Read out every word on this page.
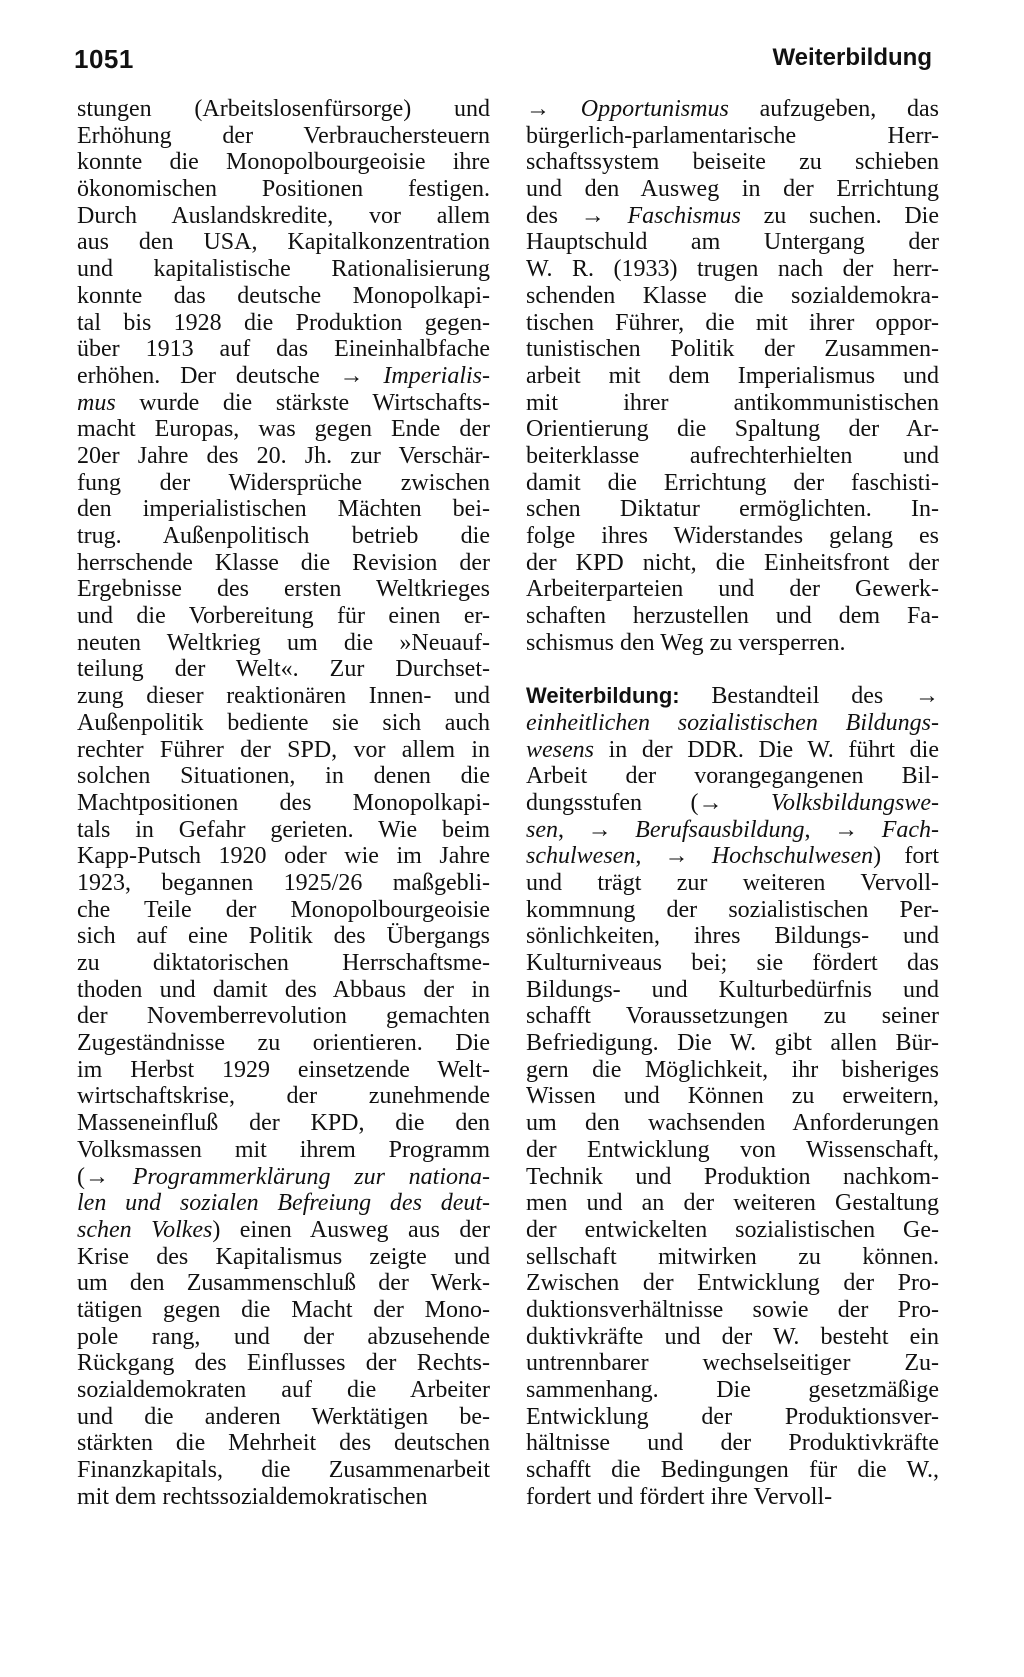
1051	Weiterbildung
stungen (Arbeitslosenfürsorge) und
Erhöhung der Verbrauchersteuern
konnte die Monopolbourgeoisie ihre
ökonomischen Positionen festigen.
Durch Auslandskredite, vor allem
aus den USA, Kapitalkonzentration
und kapitalistische Rationalisierung
konnte das deutsche Monopolkapi-
tal bis 1928 die Produktion gegen-
über 1913 auf das Eineinhalbfache
erhöhen. Der deutsche → Imperialis-
mus wurde die stärkste Wirtschafts-
macht Europas, was gegen Ende der
20er Jahre des 20. Jh. zur Verschär-
fung der Widersprüche zwischen
den imperialistischen Mächten bei-
trug. Außenpolitisch betrieb die
herrschende Klasse die Revision der
Ergebnisse des ersten Weltkrieges
und die Vorbereitung für einen er-
neuten Weltkrieg um die »Neuauf-
teilung der Welt«. Zur Durchset-
zung dieser reaktionären Innen- und
Außenpolitik bediente sie sich auch
rechter Führer der SPD, vor allem in
solchen Situationen, in denen die
Machtpositionen des Monopolkapi-
tals in Gefahr gerieten. Wie beim
Kapp-Putsch 1920 oder wie im Jahre
1923, begannen 1925/26 maßgebli-
che Teile der Monopolbourgeoisie
sich auf eine Politik des Übergangs
zu diktatorischen Herrschaftsme-
thoden und damit des Abbaus der in
der Novemberrevolution gemachten
Zugeständnisse zu orientieren. Die
im Herbst 1929 einsetzende Welt-
wirtschaftskrise, der zunehmende
Masseneinfluß der KPD, die den
Volksmassen mit ihrem Programm
(→ Programmerklärung zur nationa-
len und sozialen Befreiung des deut-
schen Volkes) einen Ausweg aus der
Krise des Kapitalismus zeigte und
um den Zusammenschluß der Werk-
tätigen gegen die Macht der Mono-
pole rang, und der abzusehende
Rückgang des Einflusses der Rechts-
sozialdemokraten auf die Arbeiter
und die anderen Werktätigen be-
stärkten die Mehrheit des deutschen
Finanzkapitals, die Zusammenarbeit
mit dem rechtssozialdemokratischen
→ Opportunismus aufzugeben, das
bürgerlich-parlamentarische Herr-
schaftssystem beiseite zu schieben
und den Ausweg in der Errichtung
des → Faschismus zu suchen. Die
Hauptschuld am Untergang der
W. R. (1933) trugen nach der herr-
schenden Klasse die sozialdemokra-
tischen Führer, die mit ihrer oppor-
tunistischen Politik der Zusammen-
arbeit mit dem Imperialismus und
mit ihrer antikommunistischen
Orientierung die Spaltung der Ar-
beiterklasse aufrechterhielten und
damit die Errichtung der faschisti-
schen Diktatur ermöglichten. In-
folge ihres Widerstandes gelang es
der KPD nicht, die Einheitsfront der
Arbeiterparteien und der Gewerk-
schaften herzustellen und dem Fa-
schismus den Weg zu versperren.
Weiterbildung: Bestandteil des →
einheitlichen sozialistischen Bildungs-
wesens in der DDR. Die W. führt die
Arbeit der vorangegangenen Bil-
dungsstufen (→ Volksbildungswe-
sen, → Berufsausbildung, → Fach-
schulwesen, → Hochschulwesen) fort
und trägt zur weiteren Vervoll-
kommnung der sozialistischen Per-
sönlichkeiten, ihres Bildungs- und
Kulturniveaus bei; sie fördert das
Bildungs- und Kulturbedürfnis und
schafft Voraussetzungen zu seiner
Befriedigung. Die W. gibt allen Bür-
gern die Möglichkeit, ihr bisheriges
Wissen und Können zu erweitern,
um den wachsenden Anforderungen
der Entwicklung von Wissenschaft,
Technik und Produktion nachkom-
men und an der weiteren Gestaltung
der entwickelten sozialistischen Ge-
sellschaft mitwirken zu können.
Zwischen der Entwicklung der Pro-
duktionsverhältnisse sowie der Pro-
duktivkräfte und der W. besteht ein
untrennbarer wechselseitiger Zu-
sammenhang. Die gesetzmäßige
Entwicklung der Produktionsver-
hältnisse und der Produktivkräfte
schafft die Bedingungen für die W.,
fordert und fördert ihre Vervoll-
